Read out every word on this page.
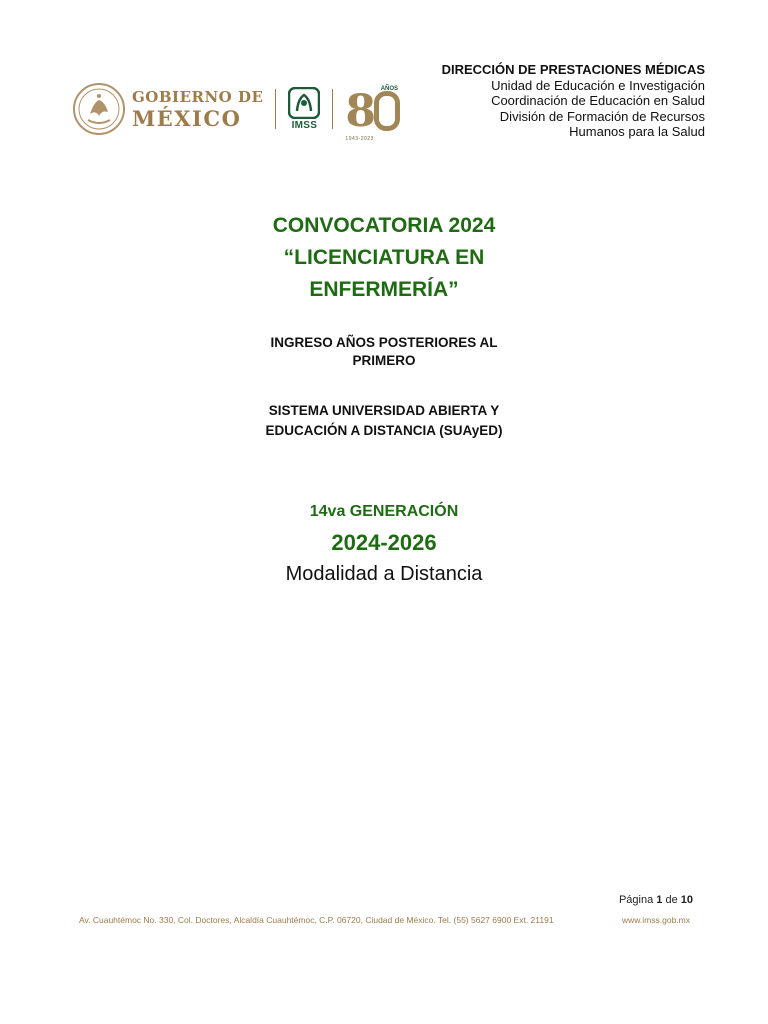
GOBIERNO DE
MÉXICO	IMSS 8 AÑOS
1943-2023
DIRECCIÓN DE PRESTACIONES MÉDICAS
Unidad de Educación e Investigación
Coordinación de Educación en Salud
División de Formación de Recursos
Humanos para la Salud
CONVOCATORIA 2024
“LICENCIATURA EN
ENFERMERÍA”
INGRESO AÑOS POSTERIORES AL
PRIMERO
SISTEMA UNIVERSIDAD ABIERTA Y
EDUCACIÓN A DISTANCIA (SUAyED)
14va GENERACIÓN
2024-2026
Modalidad a Distancia
Página 1 de 10
Av. Cuauhtémoc No. 330, Col. Doctores, Alcaldía Cuauhtémoc, C.P. 06720, Ciudad de México. Tel. (55) 5627 6900 Ext. 21191	www.imss.gob.mx
